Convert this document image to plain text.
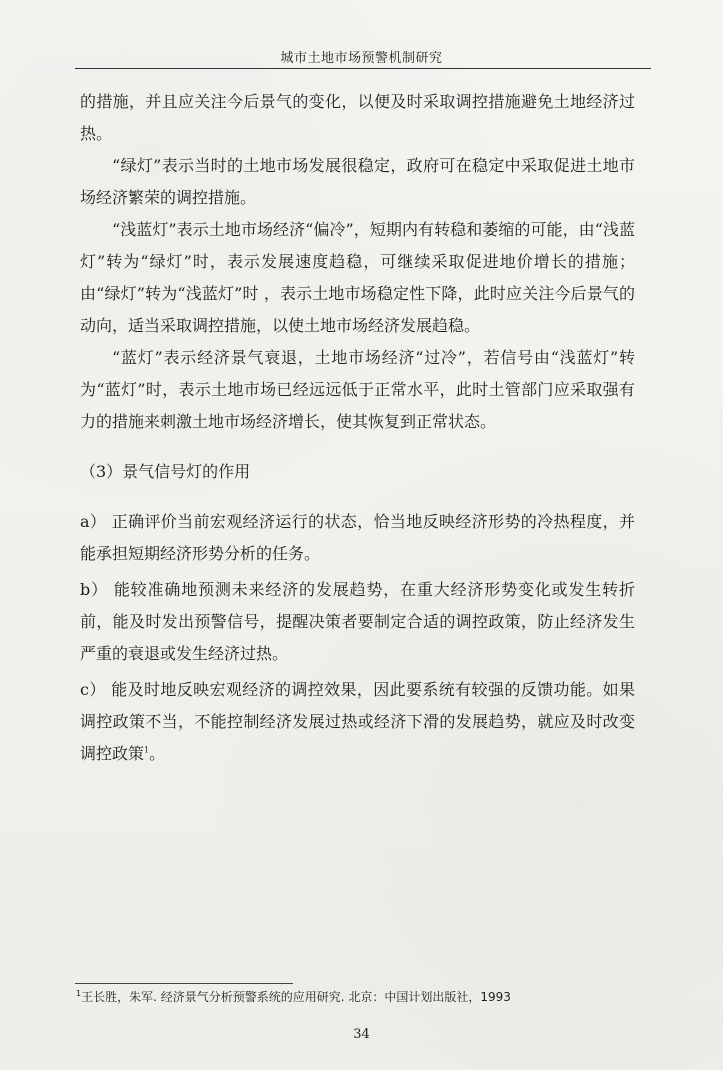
城市土地市场预警机制研究

的措施，并且应关注今后景气的变化，以便及时采取调控措施避免土地经济过热。

“绿灯”表示当时的土地市场发展很稳定，政府可在稳定中采取促进土地市场经济繁荣的调控措施。

“浅蓝灯”表示土地市场经济“偏冷”，短期内有转稳和萎缩的可能，由“浅蓝灯”转为“绿灯”时，表示发展速度趋稳，可继续采取促进地价增长的措施；由“绿灯”转为“浅蓝灯”时 ，表示土地市场稳定性下降，此时应关注今后景气的动向，适当采取调控措施，以使土地市场经济发展趋稳。

“蓝灯”表示经济景气衰退，土地市场经济“过冷”，若信号由“浅蓝灯”转为“蓝灯”时，表示土地市场已经远远低于正常水平，此时土管部门应采取强有力的措施来刺激土地市场经济增长，使其恢复到正常状态。

（3）景气信号灯的作用

a） 正确评价当前宏观经济运行的状态，恰当地反映经济形势的冷热程度，并能承担短期经济形势分析的任务。

b） 能较准确地预测未来经济的发展趋势，在重大经济形势变化或发生转折前，能及时发出预警信号，提醒决策者要制定合适的调控政策，防止经济发生严重的衰退或发生经济过热。

c） 能及时地反映宏观经济的调控效果，因此要系统有较强的反馈功能。如果调控政策不当，不能控制经济发展过热或经济下滑的发展趋势，就应及时改变调控政策$^1$。

$^1$王长胜，朱军. 经济景气分析预警系统的应用研究. 北京：中国计划出版社，1993
34
